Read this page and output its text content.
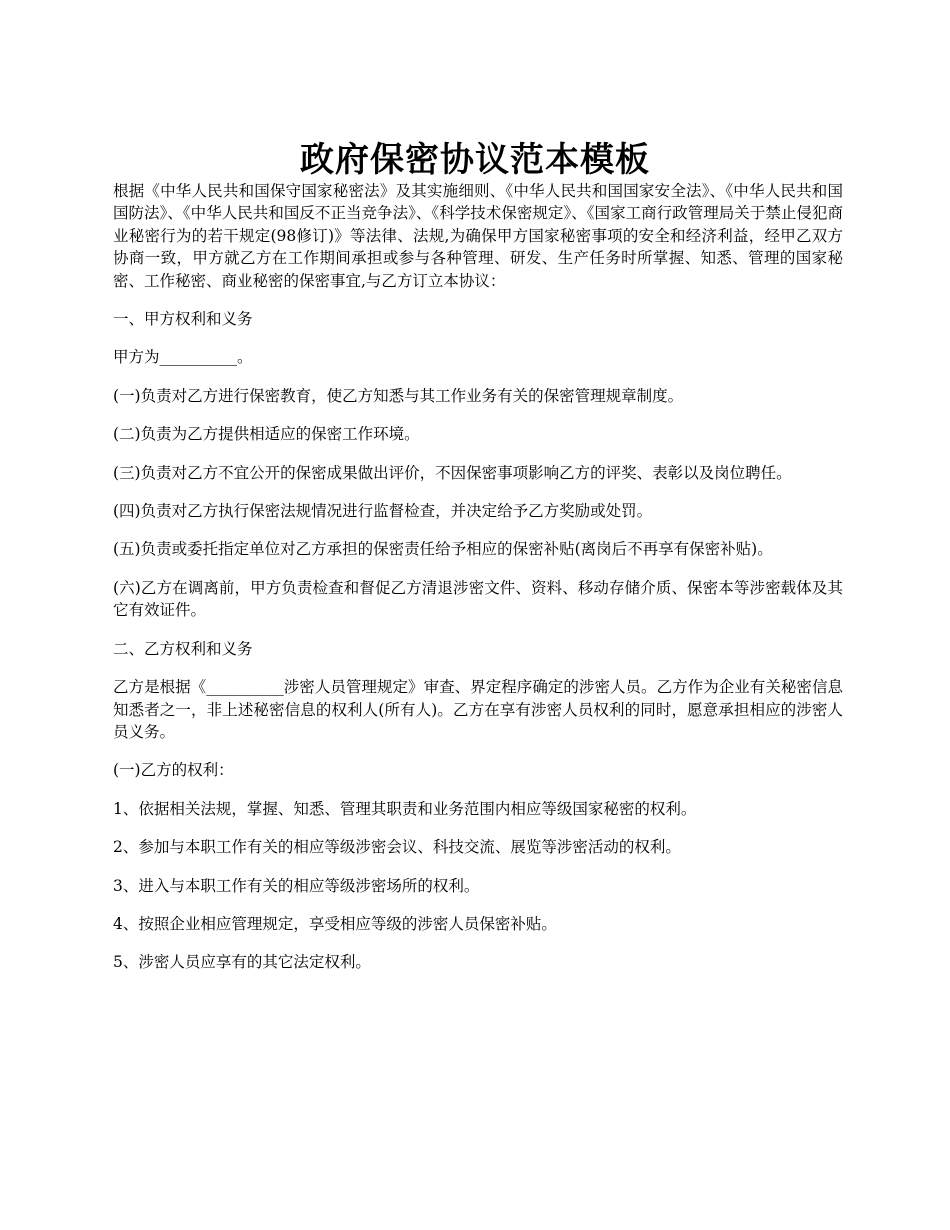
政府保密协议范本模板

根据《中华人民共和国保守国家秘密法》及其实施细则、《中华人民共和国国家安全法》、《中华人民共和国国防法》、《中华人民共和国反不正当竞争法》、《科学技术保密规定》、《国家工商行政管理局关于禁止侵犯商业秘密行为的若干规定(98修订)》等法律、法规,为确保甲方国家秘密事项的安全和经济利益，经甲乙双方协商一致，甲方就乙方在工作期间承担或参与各种管理、研发、生产任务时所掌握、知悉、管理的国家秘密、工作秘密、商业秘密的保密事宜,与乙方订立本协议：

一、甲方权利和义务

甲方为__________。

(一)负责对乙方进行保密教育，使乙方知悉与其工作业务有关的保密管理规章制度。

(二)负责为乙方提供相适应的保密工作环境。

(三)负责对乙方不宜公开的保密成果做出评价，不因保密事项影响乙方的评奖、表彰以及岗位聘任。

(四)负责对乙方执行保密法规情况进行监督检查，并决定给予乙方奖励或处罚。

(五)负责或委托指定单位对乙方承担的保密责任给予相应的保密补贴(离岗后不再享有保密补贴)。

(六)乙方在调离前，甲方负责检查和督促乙方清退涉密文件、资料、移动存储介质、保密本等涉密载体及其它有效证件。

二、乙方权利和义务

乙方是根据《__________涉密人员管理规定》审查、界定程序确定的涉密人员。乙方作为企业有关秘密信息知悉者之一，非上述秘密信息的权利人(所有人)。乙方在享有涉密人员权利的同时，愿意承担相应的涉密人员义务。

(一)乙方的权利：

1、依据相关法规，掌握、知悉、管理其职责和业务范围内相应等级国家秘密的权利。

2、参加与本职工作有关的相应等级涉密会议、科技交流、展览等涉密活动的权利。

3、进入与本职工作有关的相应等级涉密场所的权利。

4、按照企业相应管理规定，享受相应等级的涉密人员保密补贴。

5、涉密人员应享有的其它法定权利。
